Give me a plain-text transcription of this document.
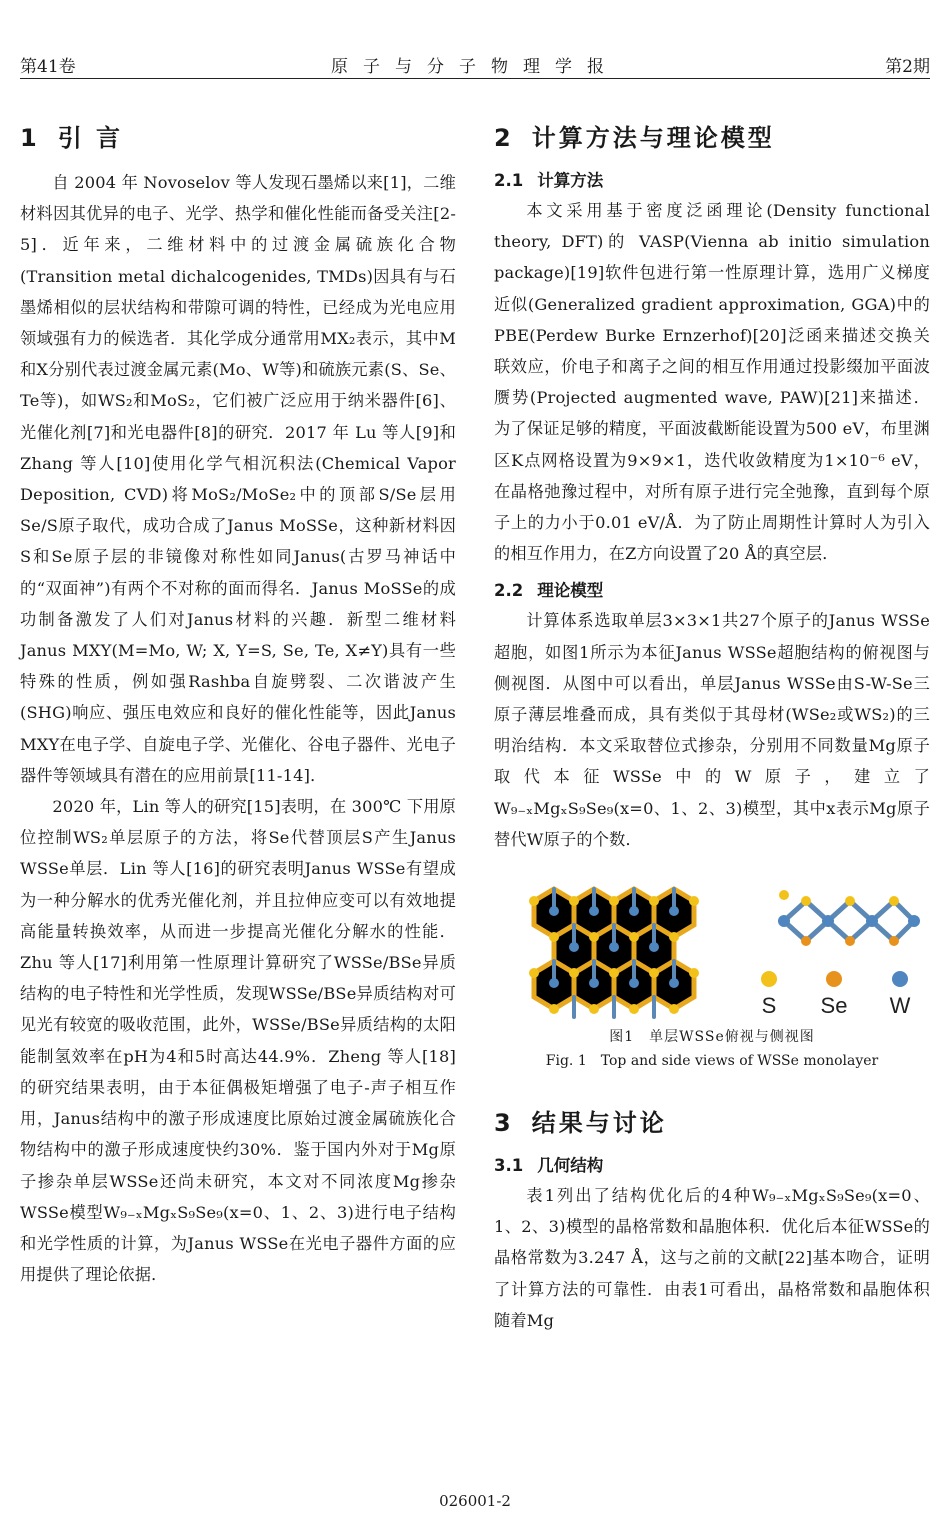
第41卷	原子与分子物理学报	第2期
1 引 言

自 2004 年 Novoselov 等人发现石墨烯以来[1]，二维材料因其优异的电子、光学、热学和催化性能而备受关注[2-5]．近年来，二维材料中的过渡金属硫族化合物(Transition metal dichalcogenides, TMDs)因具有与石墨烯相似的层状结构和带隙可调的特性，已经成为光电应用领域强有力的候选者．其化学成分通常用MX₂表示，其中M和X分别代表过渡金属元素(Mo、W等)和硫族元素(S、Se、Te等)，如WS₂和MoS₂，它们被广泛应用于纳米器件[6]、光催化剂[7]和光电器件[8]的研究．2017 年 Lu 等人[9]和 Zhang 等人[10]使用化学气相沉积法(Chemical Vapor Deposition, CVD)将MoS₂/MoSe₂中的顶部S/Se层用Se/S原子取代，成功合成了Janus MoSSe，这种新材料因S和Se原子层的非镜像对称性如同Janus(古罗马神话中的“双面神”)有两个不对称的面而得名．Janus MoSSe的成功制备激发了人们对Janus材料的兴趣．新型二维材料Janus MXY(M=Mo, W; X, Y=S, Se, Te, X≠Y)具有一些特殊的性质，例如强Rashba自旋劈裂、二次谐波产生(SHG)响应、强压电效应和良好的催化性能等，因此Janus MXY在电子学、自旋电子学、光催化、谷电子器件、光电子器件等领域具有潜在的应用前景[11-14]．

2020 年，Lin 等人的研究[15]表明，在 300℃ 下用原位控制WS₂单层原子的方法，将Se代替顶层S产生Janus WSSe单层．Lin 等人[16]的研究表明Janus WSSe有望成为一种分解水的优秀光催化剂，并且拉伸应变可以有效地提高能量转换效率，从而进一步提高光催化分解水的性能．Zhu 等人[17]利用第一性原理计算研究了WSSe/BSe异质结构的电子特性和光学性质，发现WSSe/BSe异质结构对可见光有较宽的吸收范围，此外，WSSe/BSe异质结构的太阳能制氢效率在pH为4和5时高达44.9%．Zheng 等人[18]的研究结果表明，由于本征偶极矩增强了电子-声子相互作用，Janus结构中的激子形成速度比原始过渡金属硫族化合物结构中的激子形成速度快约30%．鉴于国内外对于Mg原子掺杂单层WSSe还尚未研究，本文对不同浓度Mg掺杂WSSe模型W₉₋ₓMgₓS₉Se₉(x=0、1、2、3)进行电子结构和光学性质的计算，为Janus WSSe在光电子器件方面的应用提供了理论依据．

2 计算方法与理论模型
2.1 计算方法

本文采用基于密度泛函理论(Density functional theory, DFT)的 VASP(Vienna ab initio simulation package)[19]软件包进行第一性原理计算，选用广义梯度近似(Generalized gradient approximation, GGA)中的 PBE(Perdew Burke Ernzerhof)[20]泛函来描述交换关联效应，价电子和离子之间的相互作用通过投影缀加平面波赝势(Projected augmented wave, PAW)[21]来描述．为了保证足够的精度，平面波截断能设置为500 eV，布里渊区K点网格设置为9×9×1，迭代收敛精度为1×10⁻⁶ eV，在晶格弛豫过程中，对所有原子进行完全弛豫，直到每个原子上的力小于0.01 eV/Å．为了防止周期性计算时人为引入的相互作用力，在Z方向设置了20 Å的真空层．

2.2 理论模型

计算体系选取单层3×3×1共27个原子的Janus WSSe超胞，如图1所示为本征Janus WSSe超胞结构的俯视图与侧视图．从图中可以看出，单层Janus WSSe由S-W-Se三原子薄层堆叠而成，具有类似于其母材(WSe₂或WS₂)的三明治结构．本文采取替位式掺杂，分别用不同数量Mg原子取代本征WSSe中的W原子，建立了W₉₋ₓMgₓS₉Se₉(x=0、1、2、3)模型，其中x表示Mg原子替代W原子的个数．

S Se W
图1　单层WSSe俯视与侧视图
Fig. 1　Top and side views of WSSe monolayer
3 结果与讨论
3.1 几何结构

表1列出了结构优化后的4种W₉₋ₓMgₓS₉Se₉(x=0、1、2、3)模型的晶格常数和晶胞体积．优化后本征WSSe的晶格常数为3.247 Å，这与之前的文献[22]基本吻合，证明了计算方法的可靠性．由表1可看出，晶格常数和晶胞体积随着Mg

026001-2
